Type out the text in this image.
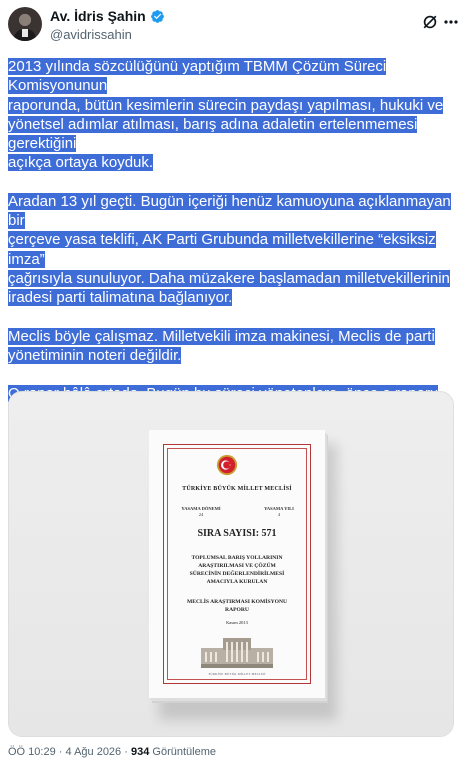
Av. İdris Şahin
@avidrissahin

2013 yılında sözcülüğünü yaptığım TBMM Çözüm Süreci Komisyonunun
raporunda, bütün kesimlerin sürecin paydaşı yapılması, hukuki ve
yönetsel adımlar atılması, barış adına adaletin ertelenmemesi gerektiğini
açıkça ortaya koyduk.

Aradan 13 yıl geçti. Bugün içeriği henüz kamuoyuna açıklanmayan bir
çerçeve yasa teklifi, AK Parti Grubunda milletvekillerine “eksiksiz imza”
çağrısıyla sunuluyor. Daha müzakere başlamadan milletvekillerinin
iradesi parti talimatına bağlanıyor.

Meclis böyle çalışmaz. Milletvekili imza makinesi, Meclis de parti
yönetiminin noteri değildir.

TÜRKİYE BÜYÜK MİLLET MECLİSİ
YASAMA DÖNEMİ
24
YASAMA YILI
4
SIRA SAYISI: 571
TOPLUMSAL BARIŞ YOLLARININ
ARAŞTIRILMASI VE ÇÖZÜM
SÜRECİNİN DEĞERLENDİRİLMESİ
AMACIYLA KURULAN
MECLİS ARAŞTIRMASI KOMİSYONU
RAPORU
Kasım 2013
TÜRKİYE BÜYÜK MİLLET MECLİSİ
ÖÖ 10:29 · 4 Ağu 2026 · 934 Görüntüleme
